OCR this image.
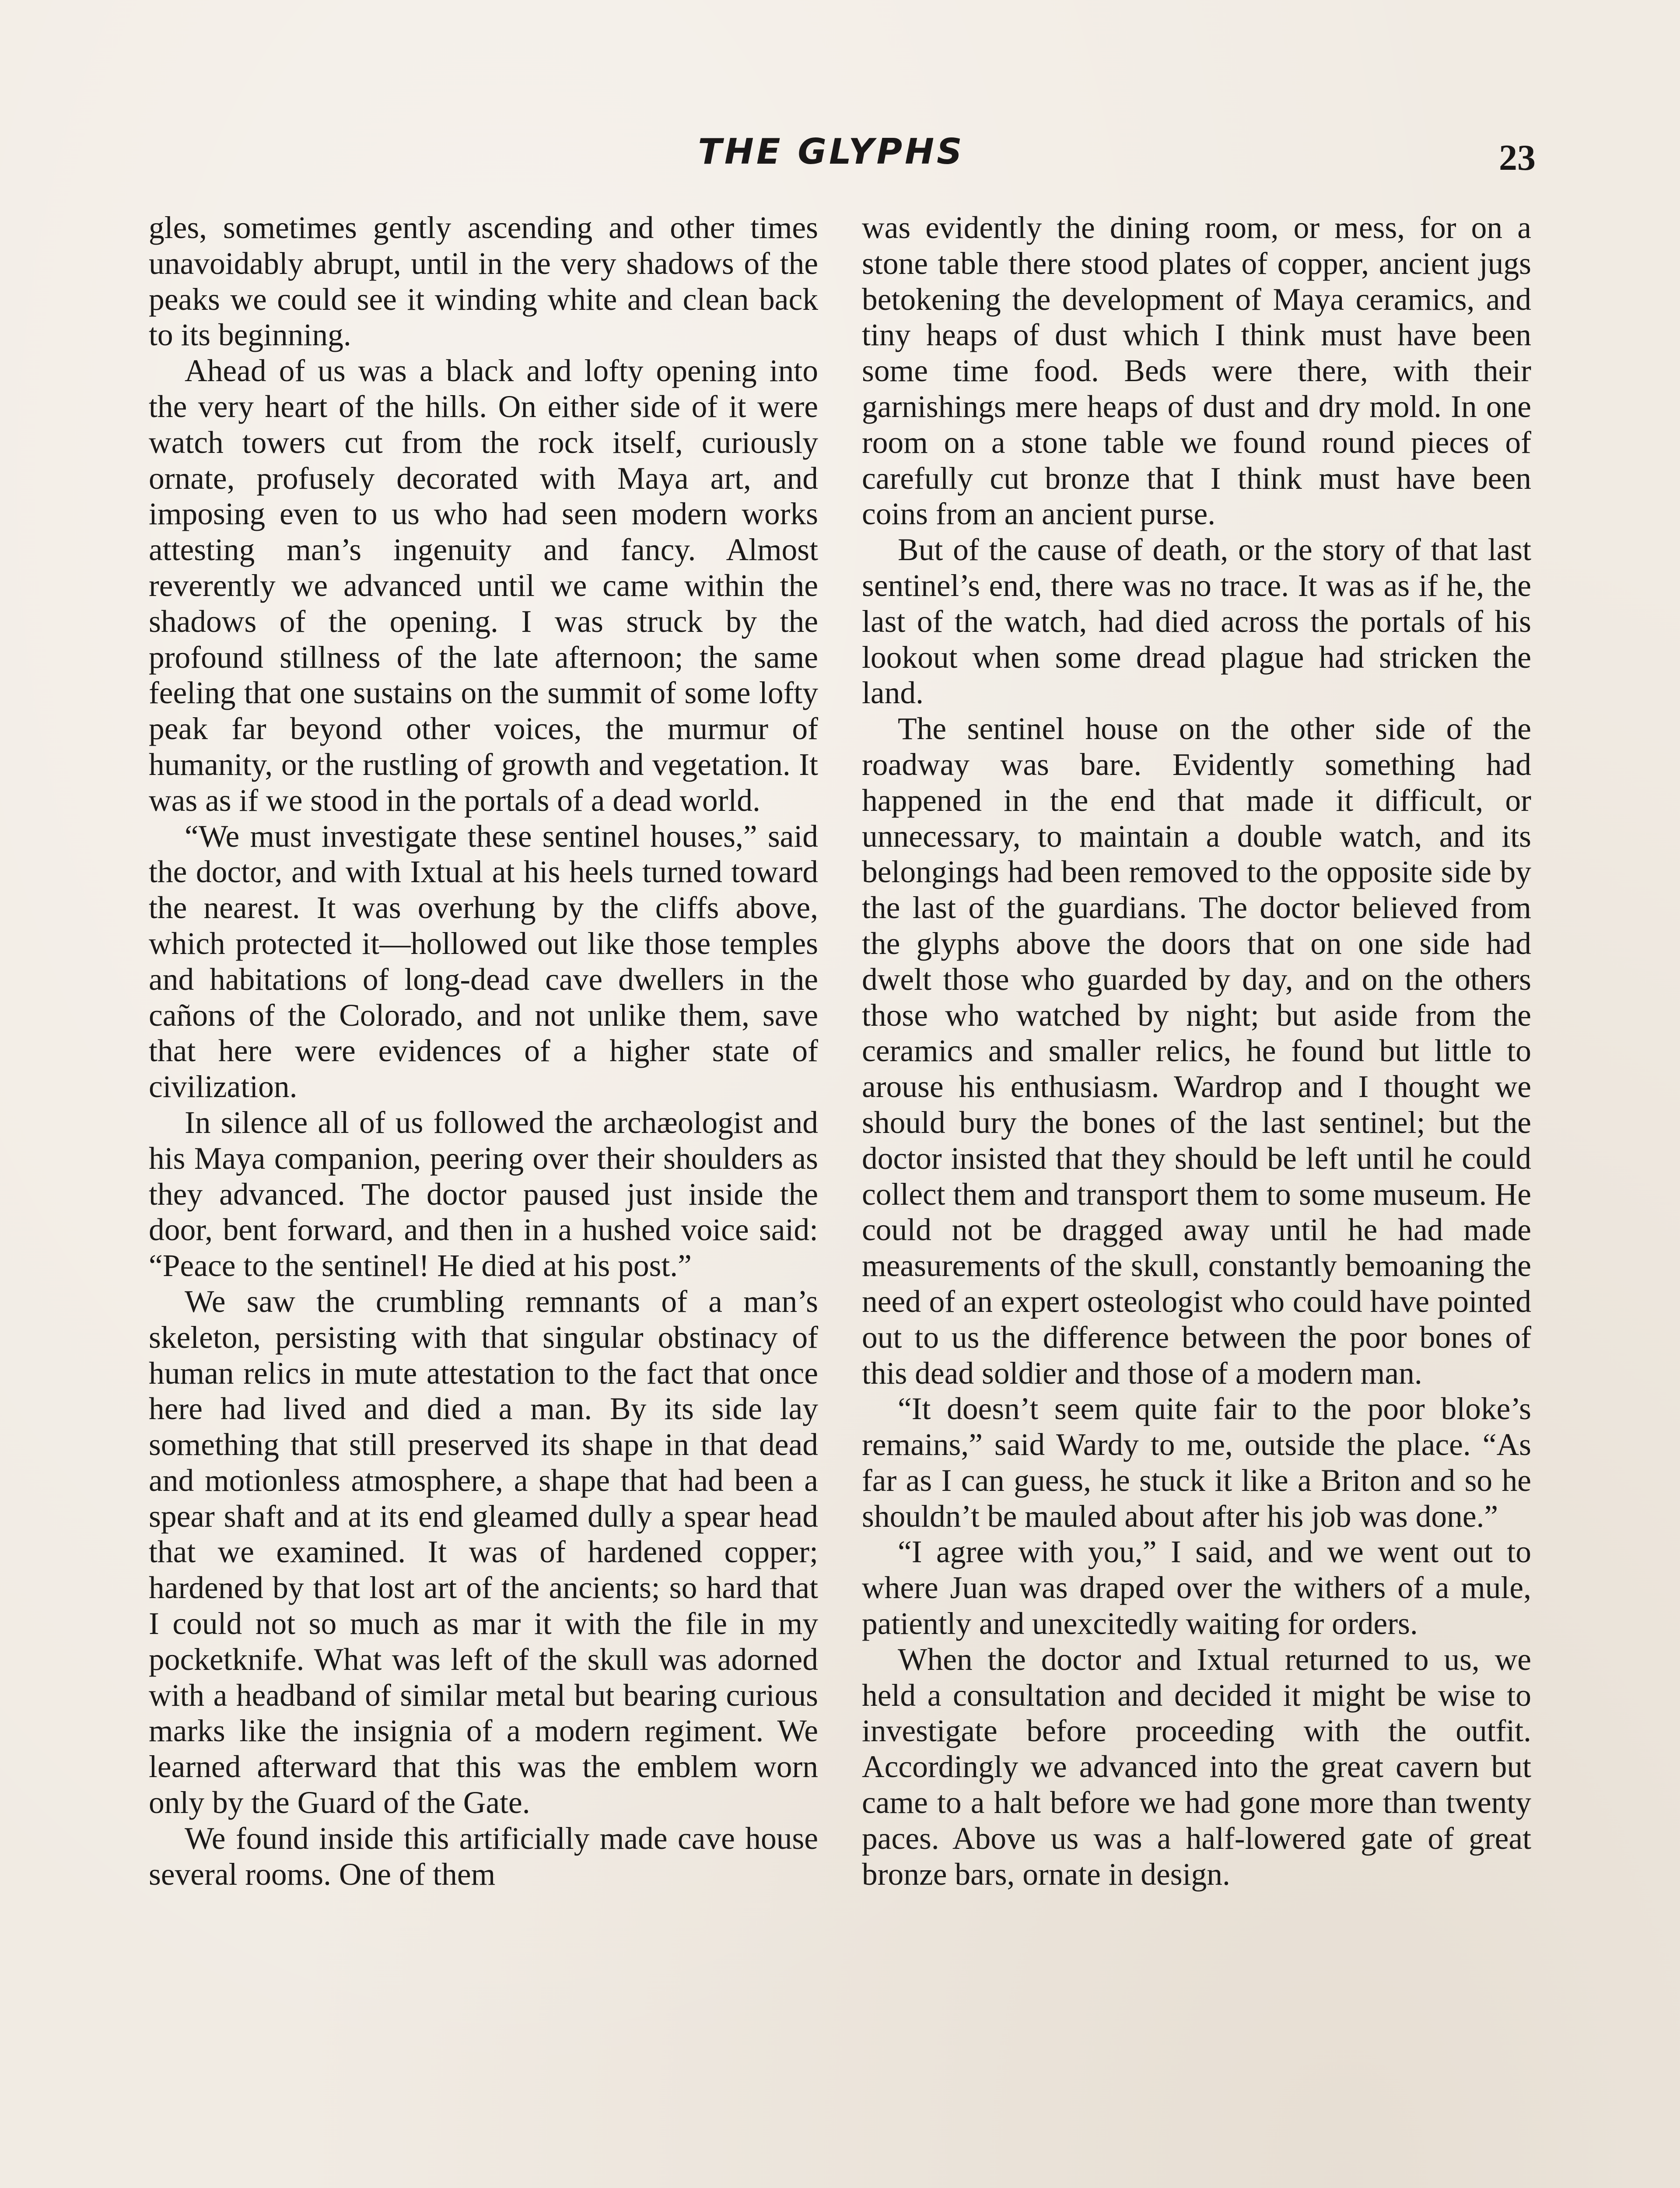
THE GLYPHS	23

gles, sometimes gently ascending and other times unavoidably abrupt, until in the very shadows of the peaks we could see it winding white and clean back to its beginning.

Ahead of us was a black and lofty opening into the very heart of the hills. On either side of it were watch towers cut from the rock itself, curiously ornate, profusely decorated with Maya art, and imposing even to us who had seen modern works attesting man’s ingenuity and fancy. Almost reverently we advanced until we came within the shadows of the opening. I was struck by the profound stillness of the late afternoon; the same feeling that one sustains on the summit of some lofty peak far beyond other voices, the murmur of humanity, or the rustling of growth and vegetation. It was as if we stood in the portals of a dead world.

“We must investigate these sentinel houses,” said the doctor, and with Ixtual at his heels turned toward the nearest. It was overhung by the cliffs above, which protected it—hollowed out like those temples and habitations of long-dead cave dwellers in the cañons of the Colorado, and not unlike them, save that here were evidences of a higher state of civilization.

In silence all of us followed the archæologist and his Maya companion, peering over their shoulders as they advanced. The doctor paused just inside the door, bent forward, and then in a hushed voice said: “Peace to the sentinel! He died at his post.”

We saw the crumbling remnants of a man’s skeleton, persisting with that singular obstinacy of human relics in mute attestation to the fact that once here had lived and died a man. By its side lay something that still preserved its shape in that dead and motionless atmosphere, a shape that had been a spear shaft and at its end gleamed dully a spear head that we examined. It was of hardened copper; hardened by that lost art of the ancients; so hard that I could not so much as mar it with the file in my pocketknife. What was left of the skull was adorned with a headband of similar metal but bearing curious marks like the insignia of a modern regiment. We learned afterward that this was the emblem worn only by the Guard of the Gate.

We found inside this artificially made cave house several rooms. One of them

was evidently the dining room, or mess, for on a stone table there stood plates of copper, ancient jugs betokening the development of Maya ceramics, and tiny heaps of dust which I think must have been some time food. Beds were there, with their garnishings mere heaps of dust and dry mold. In one room on a stone table we found round pieces of carefully cut bronze that I think must have been coins from an ancient purse.

But of the cause of death, or the story of that last sentinel’s end, there was no trace. It was as if he, the last of the watch, had died across the portals of his lookout when some dread plague had stricken the land.

The sentinel house on the other side of the roadway was bare. Evidently something had happened in the end that made it difficult, or unnecessary, to maintain a double watch, and its belongings had been removed to the opposite side by the last of the guardians. The doctor believed from the glyphs above the doors that on one side had dwelt those who guarded by day, and on the others those who watched by night; but aside from the ceramics and smaller relics, he found but little to arouse his enthusiasm. Wardrop and I thought we should bury the bones of the last sentinel; but the doctor insisted that they should be left until he could collect them and transport them to some museum. He could not be dragged away until he had made measurements of the skull, constantly bemoaning the need of an expert osteologist who could have pointed out to us the difference between the poor bones of this dead soldier and those of a modern man.

“It doesn’t seem quite fair to the poor bloke’s remains,” said Wardy to me, outside the place. “As far as I can guess, he stuck it like a Briton and so he shouldn’t be mauled about after his job was done.”

“I agree with you,” I said, and we went out to where Juan was draped over the withers of a mule, patiently and unexcitedly waiting for orders.

When the doctor and Ixtual returned to us, we held a consultation and decided it might be wise to investigate before proceeding with the outfit. Accordingly we advanced into the great cavern but came to a halt before we had gone more than twenty paces. Above us was a half-lowered gate of great bronze bars, ornate in design.
